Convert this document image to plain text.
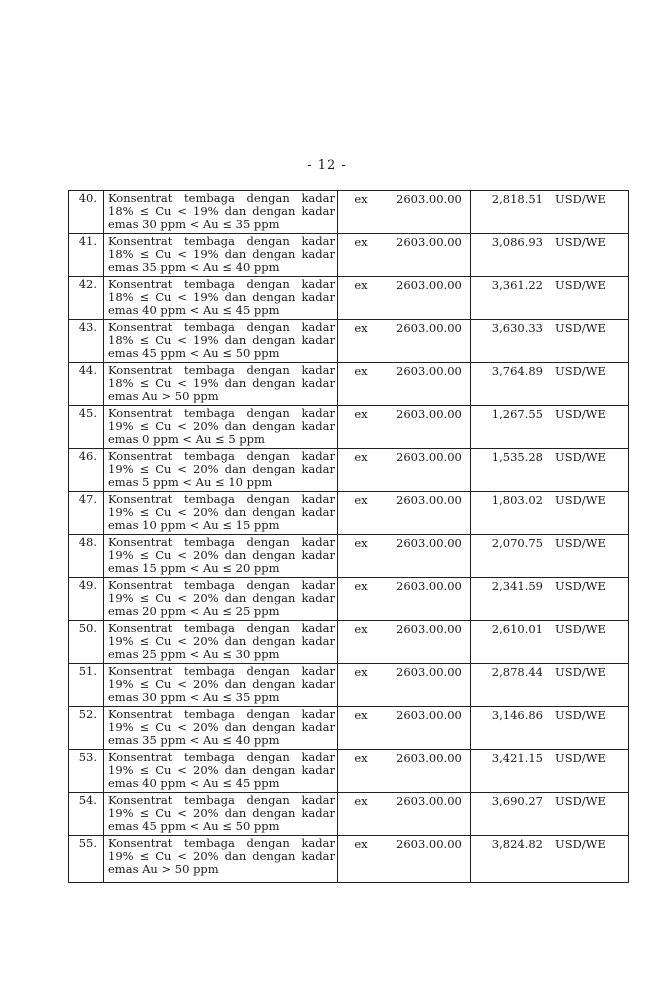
- 12 -
40.	Konsentrat tembaga dengan kadar
18% ≤ Cu < 19% dan dengan kadar
emas 30 ppm < Au ≤ 35 ppm	ex 2603.00.00	2,818.51 USD/WE

41.	Konsentrat tembaga dengan kadar
18% ≤ Cu < 19% dan dengan kadar
emas 35 ppm < Au ≤ 40 ppm	ex 2603.00.00	3,086.93 USD/WE

42.	Konsentrat tembaga dengan kadar
18% ≤ Cu < 19% dan dengan kadar
emas 40 ppm < Au ≤ 45 ppm	ex 2603.00.00	3,361.22 USD/WE

43.	Konsentrat tembaga dengan kadar
18% ≤ Cu < 19% dan dengan kadar
emas 45 ppm < Au ≤ 50 ppm	ex 2603.00.00	3,630.33 USD/WE

44.	Konsentrat tembaga dengan kadar
18% ≤ Cu < 19% dan dengan kadar
emas Au > 50 ppm	ex 2603.00.00	3,764.89 USD/WE

45.	Konsentrat tembaga dengan kadar
19% ≤ Cu < 20% dan dengan kadar
emas 0 ppm < Au ≤ 5 ppm	ex 2603.00.00	1,267.55 USD/WE

46.	Konsentrat tembaga dengan kadar
19% ≤ Cu < 20% dan dengan kadar
emas 5 ppm < Au ≤ 10 ppm	ex 2603.00.00	1,535.28 USD/WE

47.	Konsentrat tembaga dengan kadar
19% ≤ Cu < 20% dan dengan kadar
emas 10 ppm < Au ≤ 15 ppm	ex 2603.00.00	1,803.02 USD/WE

48.	Konsentrat tembaga dengan kadar
19% ≤ Cu < 20% dan dengan kadar
emas 15 ppm < Au ≤ 20 ppm	ex 2603.00.00	2,070.75 USD/WE

49.	Konsentrat tembaga dengan kadar
19% ≤ Cu < 20% dan dengan kadar
emas 20 ppm < Au ≤ 25 ppm	ex 2603.00.00	2,341.59 USD/WE

50.	Konsentrat tembaga dengan kadar
19% ≤ Cu < 20% dan dengan kadar
emas 25 ppm < Au ≤ 30 ppm	ex 2603.00.00	2,610.01 USD/WE

51.	Konsentrat tembaga dengan kadar
19% ≤ Cu < 20% dan dengan kadar
emas 30 ppm < Au ≤ 35 ppm	ex 2603.00.00	2,878.44 USD/WE

52.	Konsentrat tembaga dengan kadar
19% ≤ Cu < 20% dan dengan kadar
emas 35 ppm < Au ≤ 40 ppm	ex 2603.00.00	3,146.86 USD/WE

53.	Konsentrat tembaga dengan kadar
19% ≤ Cu < 20% dan dengan kadar
emas 40 ppm < Au ≤ 45 ppm	ex 2603.00.00	3,421.15 USD/WE

54.	Konsentrat tembaga dengan kadar
19% ≤ Cu < 20% dan dengan kadar
emas 45 ppm < Au ≤ 50 ppm	ex 2603.00.00	3,690.27 USD/WE

55.	Konsentrat tembaga dengan kadar
19% ≤ Cu < 20% dan dengan kadar
emas Au > 50 ppm	ex 2603.00.00	3,824.82 USD/WE
